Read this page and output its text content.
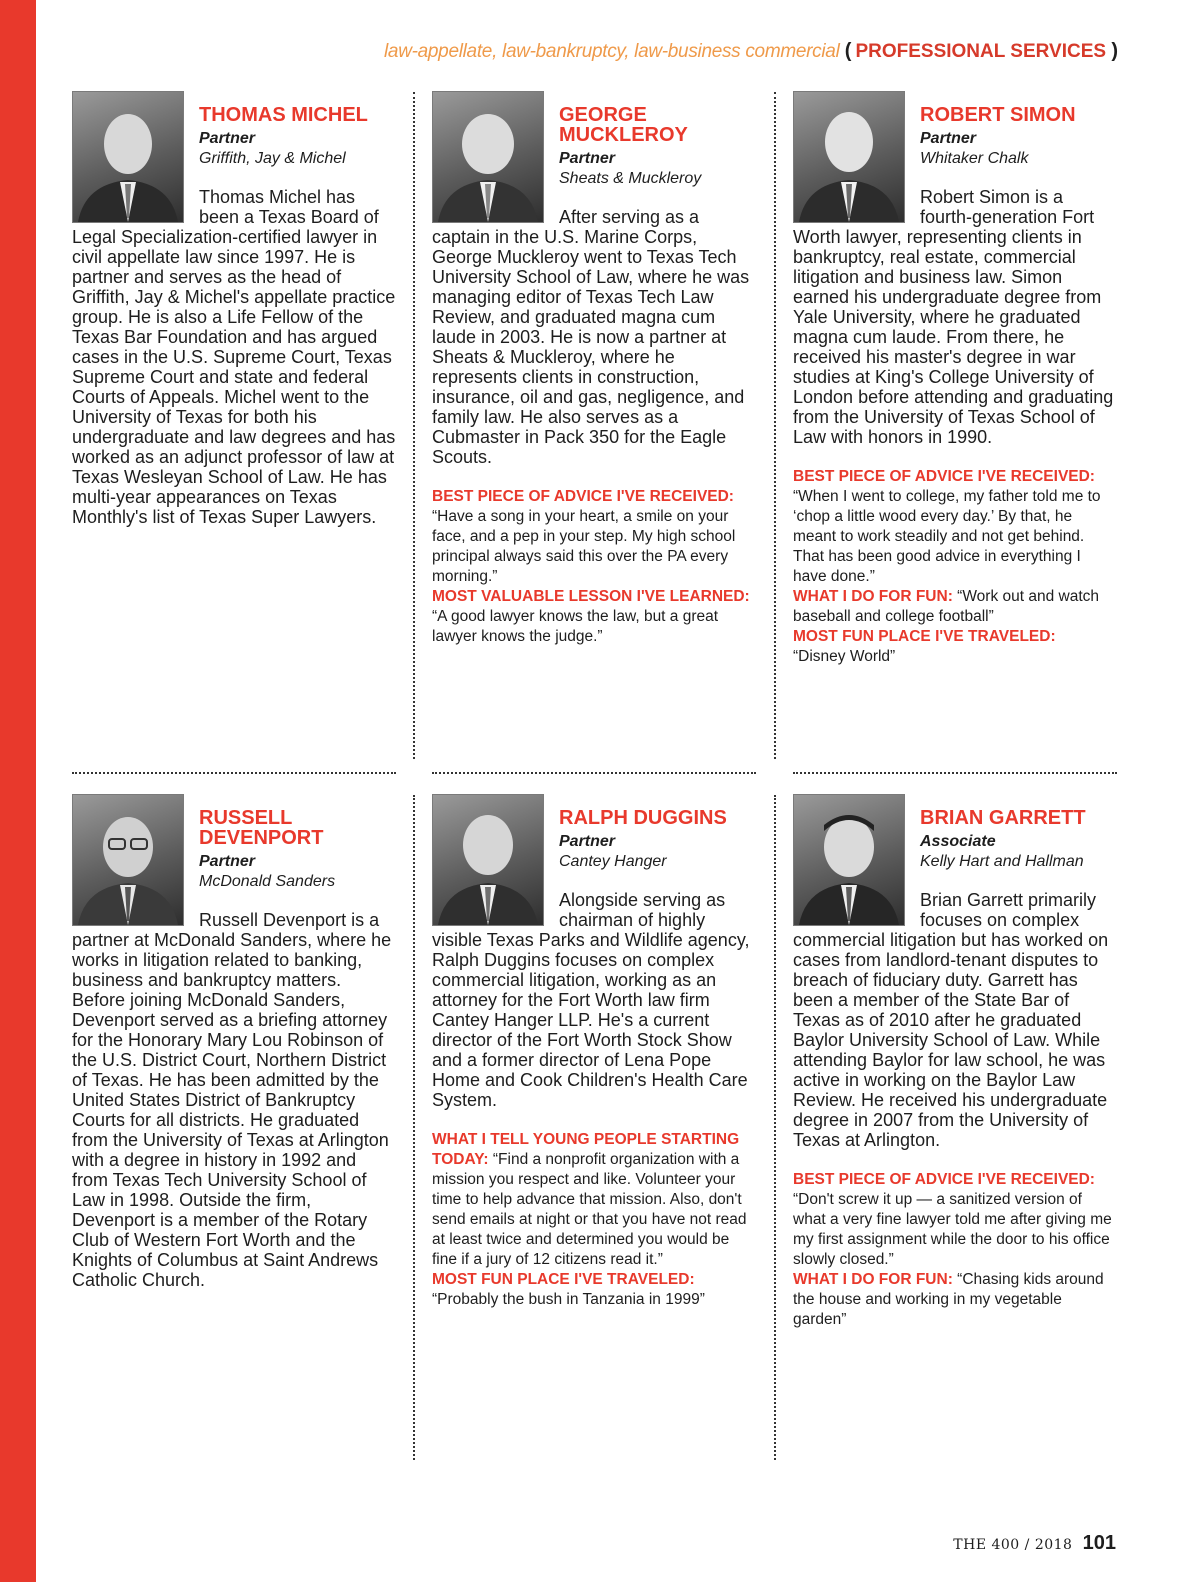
law-appellate, law-bankruptcy, law-business commercial ( PROFESSIONAL SERVICES )
THOMAS MICHEL
Partner
Griffith, Jay & Michel

Thomas Michel has been a Texas Board of Legal Specialization-certified lawyer in civil appellate law since 1997. He is partner and serves as the head of Griffith, Jay & Michel's appellate practice group. He is also a Life Fellow of the Texas Bar Foundation and has argued cases in the U.S. Supreme Court, Texas Supreme Court and state and federal Courts of Appeals. Michel went to the University of Texas for both his undergraduate and law degrees and has worked as an adjunct professor of law at Texas Wesleyan School of Law. He has multi-year appearances on Texas Monthly's list of Texas Super Lawyers.

GEORGE MUCKLEROY
Partner
Sheats & Muckleroy

After serving as a captain in the U.S. Marine Corps, George Muckleroy went to Texas Tech University School of Law, where he was managing editor of Texas Tech Law Review, and graduated magna cum laude in 2003. He is now a partner at Sheats & Muckleroy, where he represents clients in construction, insurance, oil and gas, negligence, and family law. He also serves as a Cubmaster in Pack 350 for the Eagle Scouts.

BEST PIECE OF ADVICE I'VE RECEIVED:
“Have a song in your heart, a smile on your face, and a pep in your step. My high school principal always said this over the PA every morning.”

MOST VALUABLE LESSON I'VE LEARNED:
“A good lawyer knows the law, but a great lawyer knows the judge.”

ROBERT SIMON
Partner
Whitaker Chalk

Robert Simon is a fourth-generation Fort Worth lawyer, representing clients in bankruptcy, real estate, commercial litigation and business law. Simon earned his undergraduate degree from Yale University, where he graduated magna cum laude. From there, he received his master's degree in war studies at King's College University of London before attending and graduating from the University of Texas School of Law with honors in 1990.

BEST PIECE OF ADVICE I'VE RECEIVED:
“When I went to college, my father told me to ‘chop a little wood every day.’ By that, he meant to work steadily and not get behind. That has been good advice in everything I have done.”

WHAT I DO FOR FUN: “Work out and watch baseball and college football”

MOST FUN PLACE I'VE TRAVELED:
“Disney World”

RUSSELL DEVENPORT
Partner
McDonald Sanders

Russell Devenport is a partner at McDonald Sanders, where he works in litigation related to banking, business and bankruptcy matters. Before joining McDonald Sanders, Devenport served as a briefing attorney for the Honorary Mary Lou Robinson of the U.S. District Court, Northern District of Texas. He has been admitted by the United States District of Bankruptcy Courts for all districts. He graduated from the University of Texas at Arlington with a degree in history in 1992 and from Texas Tech University School of Law in 1998. Outside the firm, Devenport is a member of the Rotary Club of Western Fort Worth and the Knights of Columbus at Saint Andrews Catholic Church.

RALPH DUGGINS
Partner
Cantey Hanger

Alongside serving as chairman of highly visible Texas Parks and Wildlife agency, Ralph Duggins focuses on complex commercial litigation, working as an attorney for the Fort Worth law firm Cantey Hanger LLP. He's a current director of the Fort Worth Stock Show and a former director of Lena Pope Home and Cook Children's Health Care System.

WHAT I TELL YOUNG PEOPLE STARTING TODAY: “Find a nonprofit organization with a mission you respect and like. Volunteer your time to help advance that mission. Also, don't send emails at night or that you have not read at least twice and determined you would be fine if a jury of 12 citizens read it.”

MOST FUN PLACE I'VE TRAVELED:
“Probably the bush in Tanzania in 1999”

BRIAN GARRETT
Associate
Kelly Hart and Hallman

Brian Garrett primarily focuses on complex commercial litigation but has worked on cases from landlord-tenant disputes to breach of fiduciary duty. Garrett has been a member of the State Bar of Texas as of 2010 after he graduated Baylor University School of Law. While attending Baylor for law school, he was active in working on the Baylor Law Review. He received his undergraduate degree in 2007 from the University of Texas at Arlington.

BEST PIECE OF ADVICE I'VE RECEIVED:
“Don't screw it up — a sanitized version of what a very fine lawyer told me after giving me my first assignment while the door to his office slowly closed.”

WHAT I DO FOR FUN: “Chasing kids around the house and working in my vegetable garden”

THE 400 / 2018 101
